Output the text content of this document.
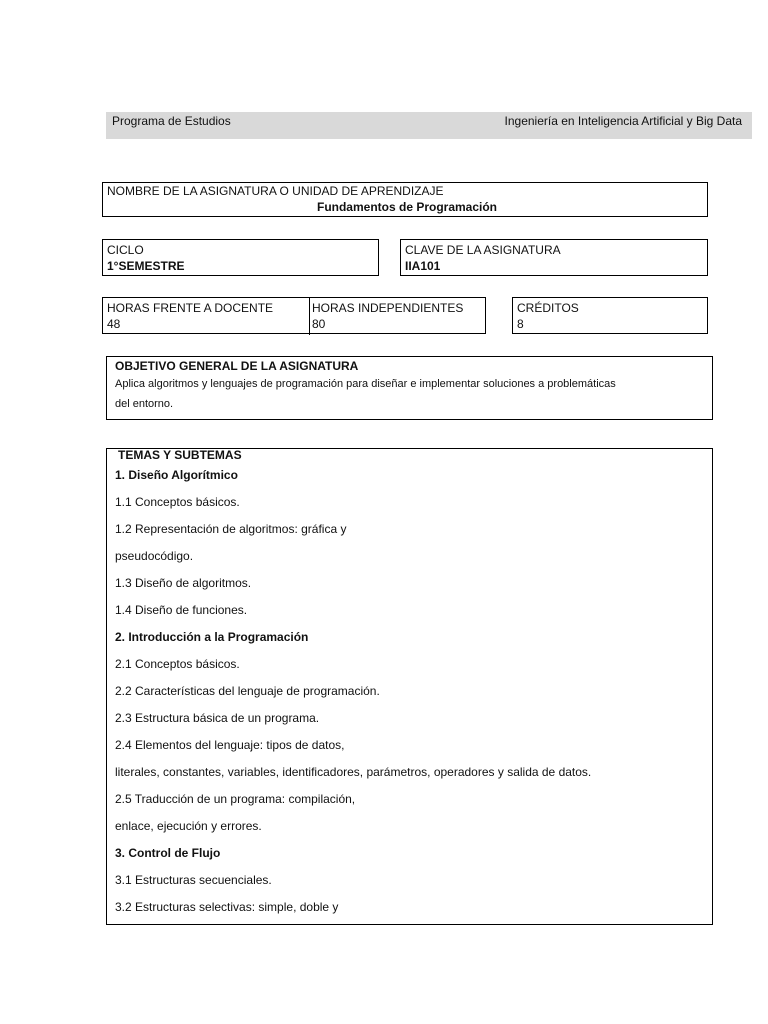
Programa de Estudios	Ingeniería en Inteligencia Artificial y Big Data
NOMBRE DE LA ASIGNATURA O UNIDAD DE APRENDIZAJE
Fundamentos de Programación
CICLO
1°SEMESTRE
CLAVE DE LA ASIGNATURA
IIA101
HORAS FRENTE A DOCENTE
48
HORAS INDEPENDIENTES
80
CRÉDITOS
8
OBJETIVO GENERAL DE LA ASIGNATURA
Aplica algoritmos y lenguajes de programación para diseñar e implementar soluciones a problemáticas
del entorno.
TEMAS Y SUBTEMAS
1. Diseño Algorítmico
1.1 Conceptos básicos.
1.2 Representación de algoritmos: gráfica y
pseudocódigo.
1.3 Diseño de algoritmos.
1.4 Diseño de funciones.
2. Introducción a la Programación
2.1 Conceptos básicos.
2.2 Características del lenguaje de programación.
2.3 Estructura básica de un programa.
2.4 Elementos del lenguaje: tipos de datos,
literales, constantes, variables, identificadores, parámetros, operadores y salida de datos.
2.5 Traducción de un programa: compilación,
enlace, ejecución y errores.
3. Control de Flujo
3.1 Estructuras secuenciales.
3.2 Estructuras selectivas: simple, doble y
